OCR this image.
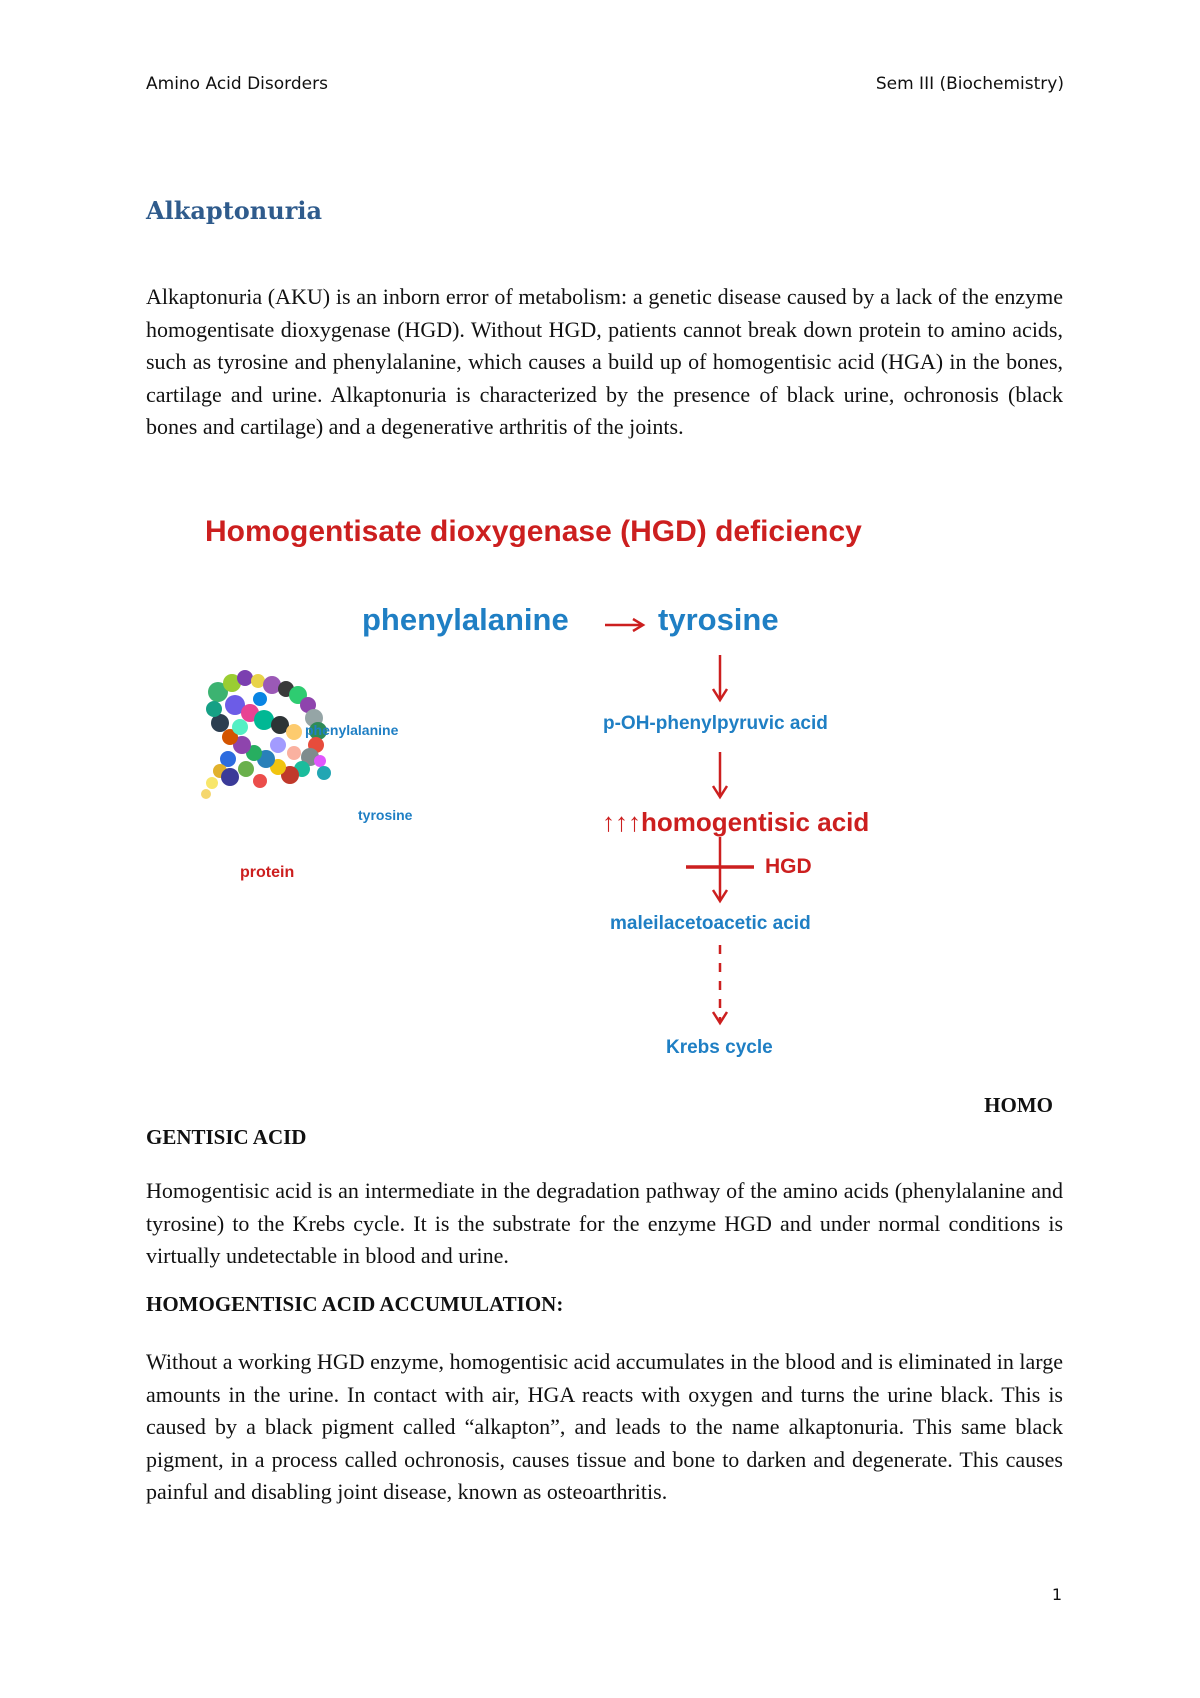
Amino Acid Disorders	Sem III (Biochemistry)
Alkaptonuria

Alkaptonuria (AKU) is an inborn error of metabolism: a genetic disease caused by a lack of the enzyme homogentisate dioxygenase (HGD). Without HGD, patients cannot break down protein to amino acids, such as tyrosine and phenylalanine, which causes a build up of homogentisic acid (HGA) in the bones, cartilage and urine. Alkaptonuria is characterized by the presence of black urine, ochronosis (black bones and cartilage) and a degenerative arthritis of the joints.

Homogentisate dioxygenase (HGD) deficiency
phenylalanine	tyrosine
p-OH-phenylpyruvic acid
↑↑↑homogentisic acid
HGD
maleilacetoacetic acid
Krebs cycle
phenylalanine
tyrosine
protein
HOMO
GENTISIC ACID

Homogentisic acid is an intermediate in the degradation pathway of the amino acids (phenylalanine and tyrosine) to the Krebs cycle. It is the substrate for the enzyme HGD and under normal conditions is virtually undetectable in blood and urine.

HOMOGENTISIC ACID ACCUMULATION:

Without a working HGD enzyme, homogentisic acid accumulates in the blood and is eliminated in large amounts in the urine. In contact with air, HGA reacts with oxygen and turns the urine black. This is caused by a black pigment called “alkapton”, and leads to the name alkaptonuria. This same black pigment, in a process called ochronosis, causes tissue and bone to darken and degenerate. This causes painful and disabling joint disease, known as osteoarthritis.

1
